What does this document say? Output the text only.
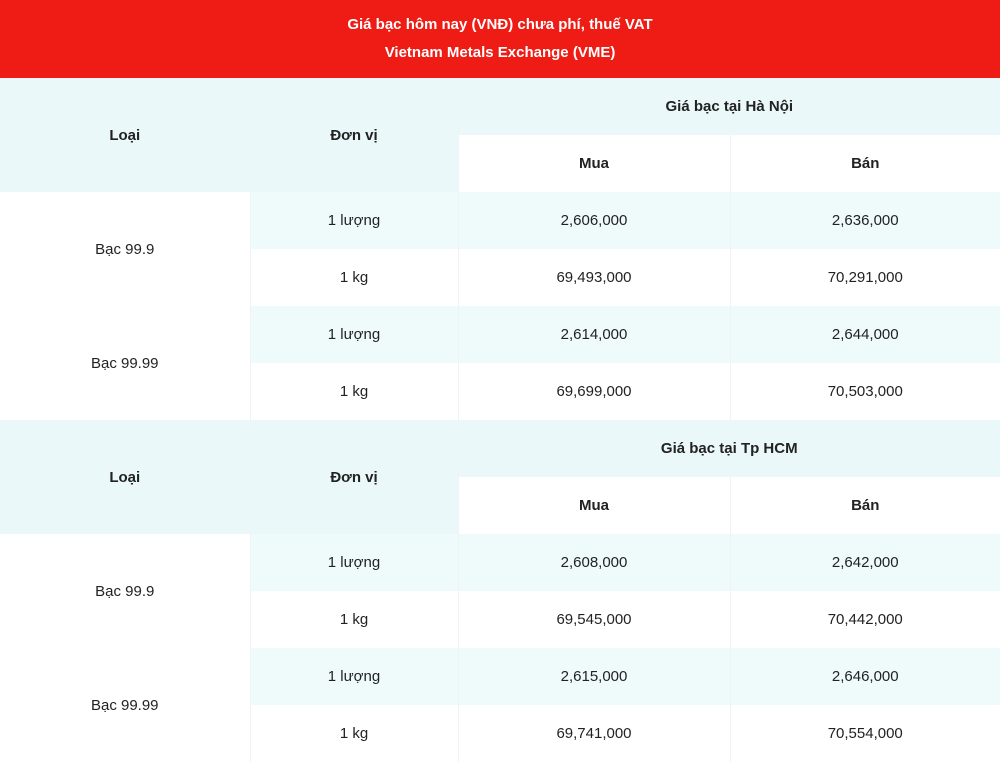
Giá bạc hôm nay (VNĐ) chưa phí, thuế VAT
Vietnam Metals Exchange (VME)
Loại	Đơn vị	Giá bạc tại Hà Nội	
		Mua	Bán
Bạc 99.9	1 lượng	2,606,000	2,636,000
	1 kg	69,493,000	70,291,000
Bạc 99.99	1 lượng	2,614,000	2,644,000
	1 kg	69,699,000	70,503,000
Loại	Đơn vị	Giá bạc tại Tp HCM	
		Mua	Bán
Bạc 99.9	1 lượng	2,608,000	2,642,000
	1 kg	69,545,000	70,442,000
Bạc 99.99	1 lượng	2,615,000	2,646,000
	1 kg	69,741,000	70,554,000
